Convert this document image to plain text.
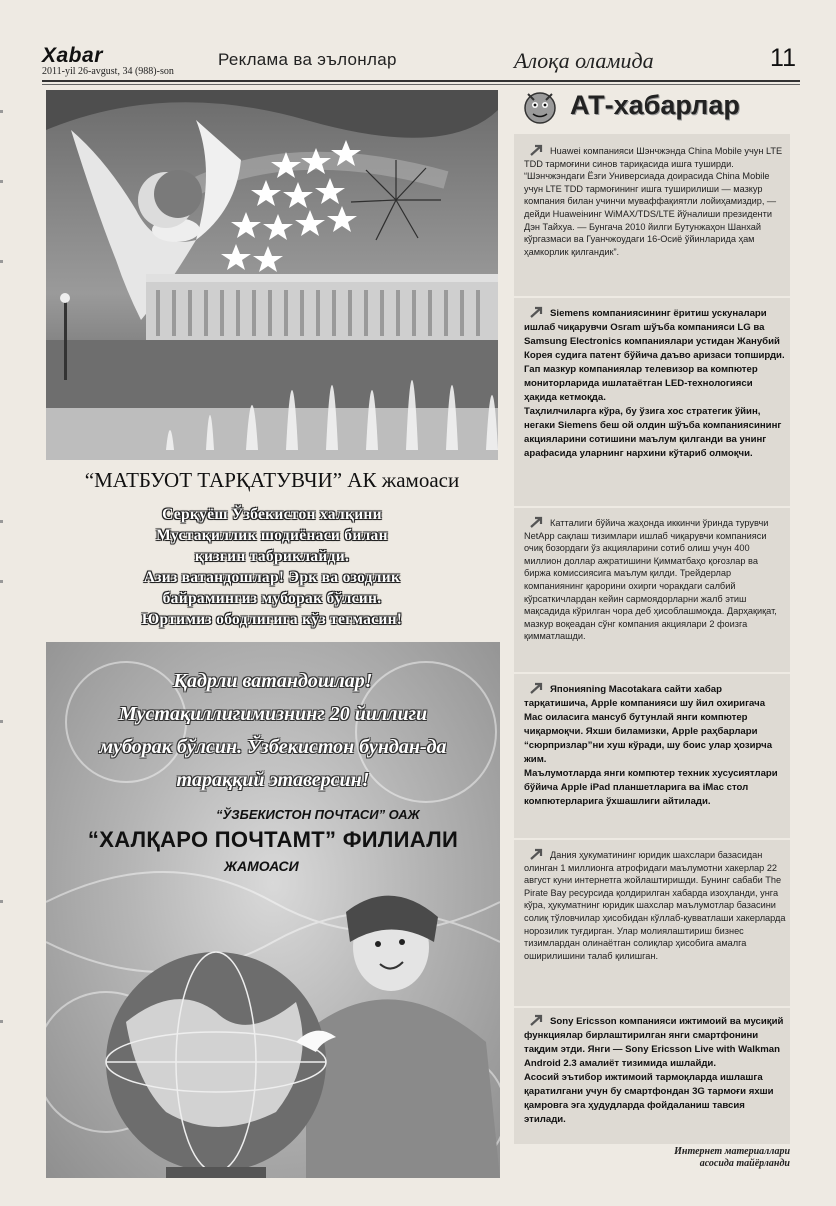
Xabar
2011-yil 26-avgust, 34 (988)-son
Реклама ва эълонлар	Алоқа оламида	11
“МАТБУОТ ТАРҚАТУВЧИ” АК жамоаси
Серқуёш Ўзбекистон халқини
Мустақиллик шодиёнаси билан
қизғин табриклайди.
Азиз ватандошлар! Эрк ва озодлик
байрамингиз муборак бўлсин.
Юртимиз ободлигига кўз тегмасин!
Қадрли ватандошлар!
Мустақиллигимизнинг 20 йиллиги
муборак бўлсин. Ўзбекистон бундан-да
тараққий этаверсин!
“ЎЗБЕКИСТОН ПОЧТАСИ” ОАЖ
“ХАЛҚАРО ПОЧТАМТ” ФИЛИАЛИ
ЖАМОАСИ
АТ-хабарлар

Huawei компанияси Шэнчжэнда China Mobile учун LTE TDD тармоғини синов тариқасида ишга туширди.
“Шэнчжэндаги Ёзги Универсиада доирасида China Mobile учун LTE TDD тармоғининг ишга туширилиши — мазкур компания билан учинчи муваффақиятли лойиҳамиздир, — дейди Huaweiнинг WiMAX/TDS/LTE йўналиши президенти Дэн Тайхуа. — Бунгача 2010 йилги Бутунжаҳон Шанхай кўргазмаси ва Гуанчжоудаги 16-Осиё ўйинларида ҳам ҳамкорлик қилгандик”.

Siemens компаниясининг ёритиш ускуналари ишлаб чиқарувчи Osram шўъба компанияси LG ва Samsung Electronics компаниялари устидан Жанубий Корея судига патент бўйича даъво аризаси топширди.
Гап мазкур компаниялар телевизор ва компютер мониторларида ишлатаётган LED-технологияси ҳақида кетмоқда.
Таҳлилчиларга кўра, бу ўзига хос стратегик ўйин, негаки Siemens беш ой олдин шўъба компаниясининг акцияларини сотишини маълум қилганди ва унинг арафасида уларнинг нархини кўтариб олмоқчи.

Катталиги бўйича жаҳонда иккинчи ўринда турувчи NetApp сақлаш тизимлари ишлаб чиқарувчи компанияси очиқ бозордаги ўз акцияларини сотиб олиш учун 400 миллион доллар ажратишини Қимматбаҳо қоғозлар ва биржа комиссиясига маълум қилди. Трейдерлар компаниянинг қарорини охирги чоракдаги салбий кўрсаткичлардан кейин сармоядорларни жалб этиш мақсадида кўрилган чора деб ҳисоблашмоқда. Дарҳақиқат, мазкур воқеадан сўнг компания акциялари 2 фоизга қимматлашди.

Японияning Macotakara сайти хабар тарқатишича, Apple компанияси шу йил охиригача Mac оиласига мансуб бутунлай янги компютер чиқармоқчи. Яхши биламизки, Apple раҳбарлари “сюрпризлар”ни хуш кўради, шу боис улар ҳозирча жим.
Маълумотларда янги компютер техник хусусиятлари бўйича Apple iPad планшетларига ва iMac стол компютерларига ўхшашлиги айтилади.

Дания ҳукуматининг юридик шахслари базасидан олинган 1 миллионга атрофидаги маълумотни хакерлар 22 август куни интернетга жойлаштиришди. Бунинг сабаби The Pirate Bay ресурсида қолдирилган хабарда изоҳланди, унга кўра, ҳукуматнинг юридик шахслар маълумотлар базасини солиқ тўловчилар ҳисобидан кўллаб-қувватлаши хакерларда норозилик туғдирган. Улар молиялаштириш бизнес тизимлардан олинаётган солиқлар ҳисобига амалга оширилишини талаб қилишган.

Sony Ericsson компанияси ижтимоий ва мусиқий функциялар бирлаштирилган янги смартфонини тақдим этди. Янги — Sony Ericsson Live with Walkman Android 2.3 амалиёт тизимида ишлайди.
Асосий эътибор ижтимоий тармоқларда ишлашга қаратилгани учун бу смартфондан 3G тармоғи яхши қамровга эга ҳудудларда фойдаланиш тавсия этилади.

Интернет материаллари
асосида тайёрланди
